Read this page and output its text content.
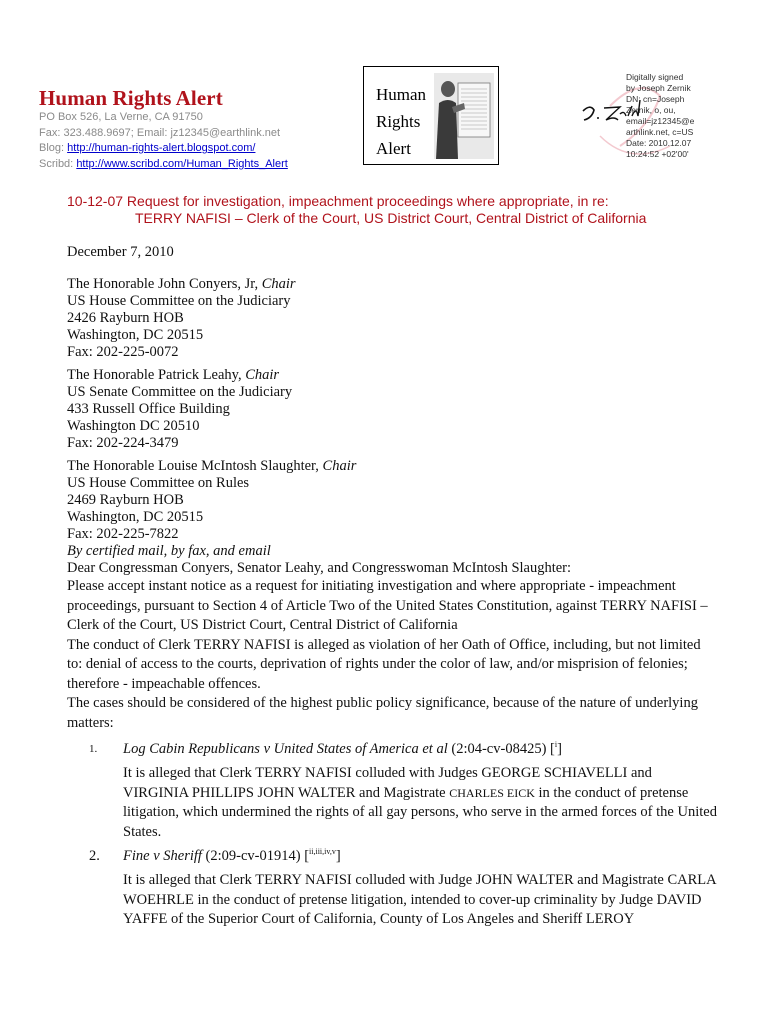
Human Rights Alert
PO Box 526, La Verne, CA 91750
Fax: 323.488.9697; Email: jz12345@earthlink.net
Blog: http://human-rights-alert.blogspot.com/
Scribd: http://www.scribd.com/Human_Rights_Alert
Human
Rights
Alert
Digitally signed
by Joseph Zernik
DN: cn=Joseph
Zernik, o, ou,
email=jz12345@e
arthlink.net, c=US
Date: 2010.12.07
10:24:52 +02'00'
10-12-07 Request for investigation, impeachment proceedings where appropriate, in re:
TERRY NAFISI – Clerk of the Court, US District Court, Central District of California

December 7, 2010

The Honorable John Conyers, Jr, Chair
US House Committee on the Judiciary
2426 Rayburn HOB
Washington, DC 20515
Fax: 202-225-0072
The Honorable Patrick Leahy, Chair
US Senate Committee on the Judiciary
433 Russell Office Building
Washington DC 20510
Fax: 202-224-3479
The Honorable Louise McIntosh Slaughter, Chair
US House Committee on Rules
2469 Rayburn HOB
Washington, DC 20515
Fax: 202-225-7822

By certified mail, by fax, and email

Dear Congressman Conyers, Senator Leahy, and Congresswoman McIntosh Slaughter:

Please accept instant notice as a request for initiating investigation and where appropriate - impeachment proceedings, pursuant to Section 4 of Article Two of the United States Constitution, against TERRY NAFISI – Clerk of the Court, US District Court, Central District of California

The conduct of Clerk TERRY NAFISI is alleged as violation of her Oath of Office, including, but not limited to: denial of access to the courts, deprivation of rights under the color of law, and/or misprision of felonies; therefore - impeachable offences.

The cases should be considered of the highest public policy significance, because of the nature of underlying matters:

1. Log Cabin Republicans v United States of America et al (2:04-cv-08425) [$^i$]
It is alleged that Clerk TERRY NAFISI colluded with Judges GEORGE SCHIAVELLI and VIRGINIA PHILLIPS JOHN WALTER and Magistrate CHARLES EICK in the conduct of pretense litigation, which undermined the rights of all gay persons, who serve in the armed forces of the United States.
2. Fine v Sheriff (2:09-cv-01914) [$^{ii,iii,iv,v}$]
It is alleged that Clerk TERRY NAFISI colluded with Judge JOHN WALTER and Magistrate CARLA WOEHRLE in the conduct of pretense litigation, intended to cover-up criminality by Judge DAVID YAFFE of the Superior Court of California, County of Los Angeles and Sheriff LEROY
